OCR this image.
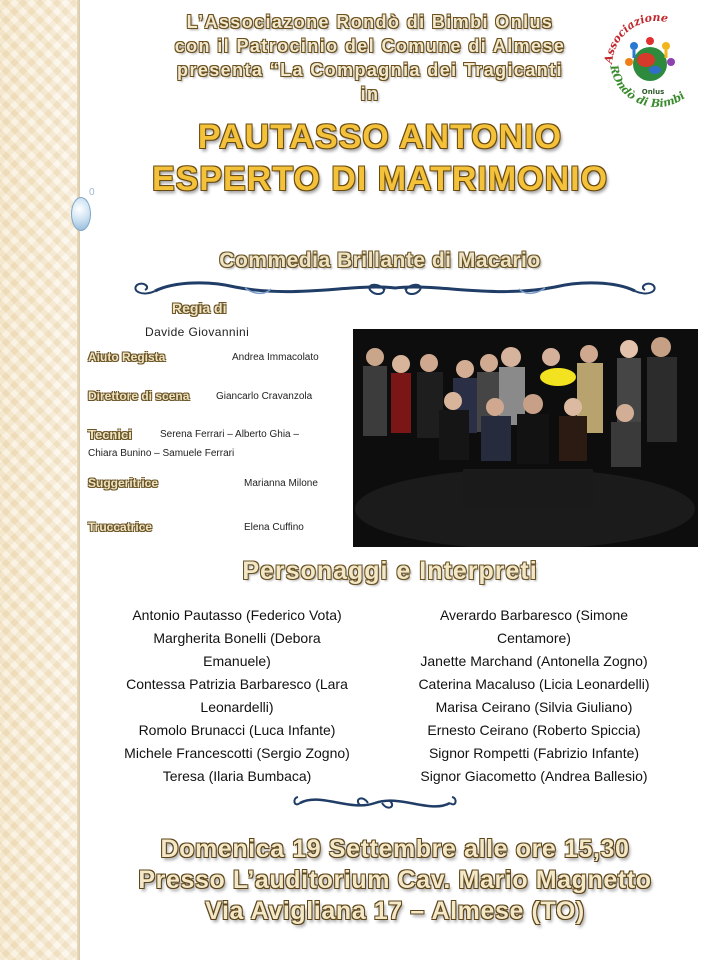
0
L’Associazone Rondò di Bimbi Onlus
con il Patrocinio del Comune di Almese
presenta “La Compagnia dei Tragicanti
in
Associazione
ROndò di Bimbi
Onlus
PAUTASSO ANTONIO
ESPERTO DI MATRIMONIO
Commedia Brillante di Macario
Regia di
Davide Giovannini
Aiuto Regista	Andrea Immacolato
Direttore di scena	Giancarlo Cravanzola
Tecnici	Serena Ferrari – Alberto Ghia –
Chiara Bunino – Samuele Ferrari
Suggeritrice	Marianna Milone
Truccatrice	Elena Cuffino
Personaggi e Interpreti
Antonio Pautasso (Federico Vota)
Margherita Bonelli (Debora
Emanuele)
Contessa Patrizia Barbaresco (Lara
Leonardelli)
Romolo Brunacci (Luca Infante)
Michele Francescotti (Sergio Zogno)
Teresa (Ilaria Bumbaca)
Averardo Barbaresco (Simone
Centamore)
Janette Marchand (Antonella Zogno)
Caterina Macaluso (Licia Leonardelli)
Marisa Ceirano (Silvia Giuliano)
Ernesto Ceirano (Roberto Spiccia)
Signor Rompetti (Fabrizio Infante)
Signor Giacometto (Andrea Ballesio)
Domenica 19 Settembre alle ore 15,30
Presso L’auditorium Cav. Mario Magnetto
Via Avigliana 17 – Almese (TO)
